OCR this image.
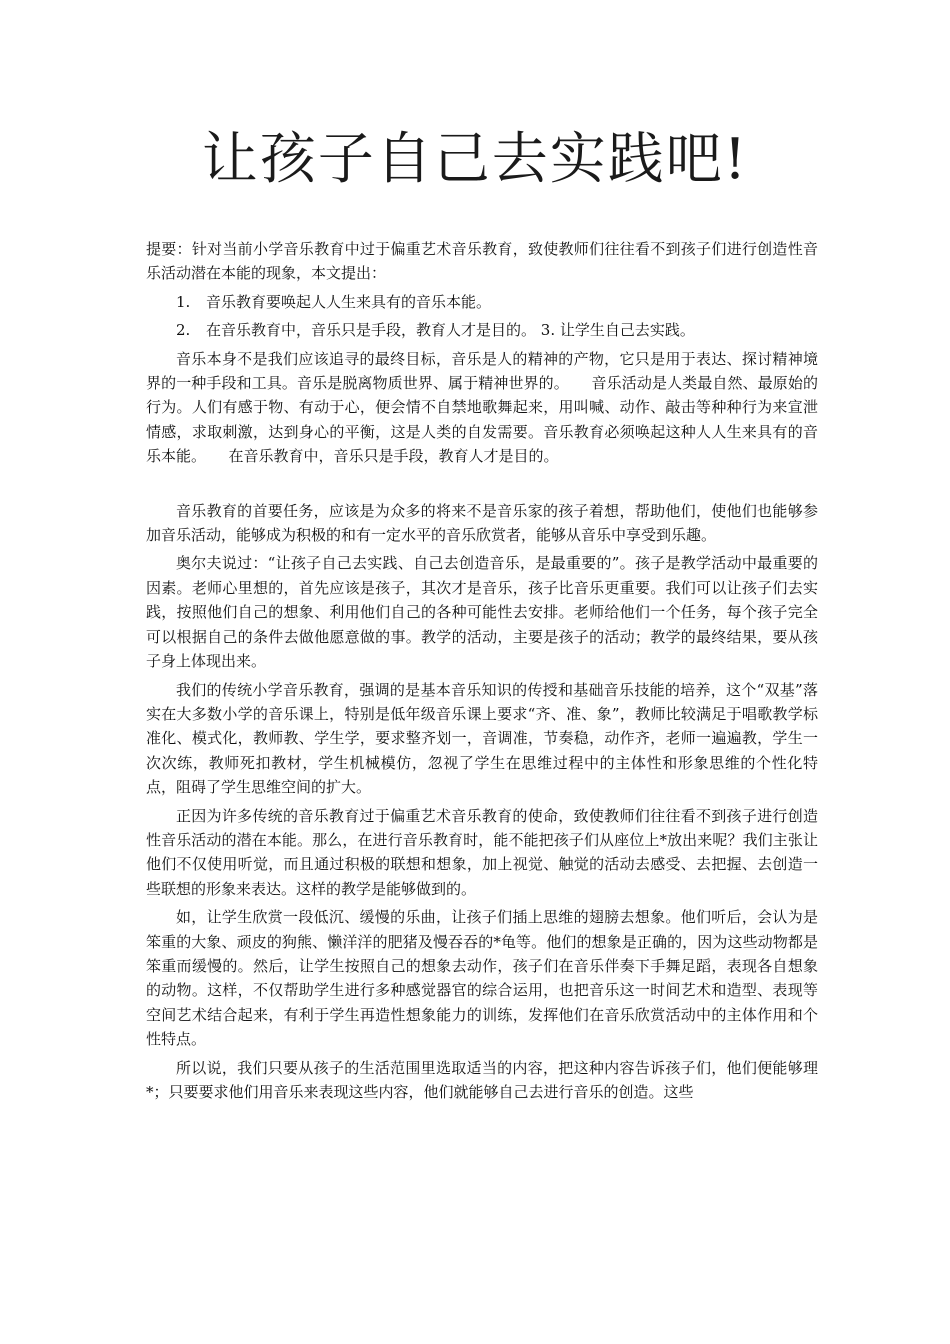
让孩子自己去实践吧!

提要：针对当前小学音乐教育中过于偏重艺术音乐教育，致使教师们往往看不到孩子们进行创造性音乐活动潜在本能的现象，本文提出：

1. 音乐教育要唤起人人生来具有的音乐本能。

2. 在音乐教育中，音乐只是手段，教育人才是目的。 3. 让学生自己去实践。

音乐本身不是我们应该追寻的最终目标，音乐是人的精神的产物，它只是用于表达、探讨精神境界的一种手段和工具。音乐是脱离物质世界、属于精神世界的。　　音乐活动是人类最自然、最原始的行为。人们有感于物、有动于心，便会情不自禁地歌舞起来，用叫喊、动作、敲击等种种行为来宣泄情感，求取刺激，达到身心的平衡，这是人类的自发需要。音乐教育必须唤起这种人人生来具有的音乐本能。　　在音乐教育中，音乐只是手段，教育人才是目的。

音乐教育的首要任务，应该是为众多的将来不是音乐家的孩子着想，帮助他们，使他们也能够参加音乐活动，能够成为积极的和有一定水平的音乐欣赏者，能够从音乐中享受到乐趣。

奥尔夫说过：“让孩子自己去实践、自己去创造音乐，是最重要的”。孩子是教学活动中最重要的因素。老师心里想的，首先应该是孩子，其次才是音乐，孩子比音乐更重要。我们可以让孩子们去实践，按照他们自己的想象、利用他们自己的各种可能性去安排。老师给他们一个任务，每个孩子完全可以根据自己的条件去做他愿意做的事。教学的活动，主要是孩子的活动；教学的最终结果，要从孩子身上体现出来。

我们的传统小学音乐教育，强调的是基本音乐知识的传授和基础音乐技能的培养，这个“双基”落实在大多数小学的音乐课上，特别是低年级音乐课上要求“齐、准、象”，教师比较满足于唱歌教学标准化、模式化，教师教、学生学，要求整齐划一，音调准，节奏稳，动作齐，老师一遍遍教，学生一次次练，教师死扣教材，学生机械模仿，忽视了学生在思维过程中的主体性和形象思维的个性化特点，阻碍了学生思维空间的扩大。

正因为许多传统的音乐教育过于偏重艺术音乐教育的使命，致使教师们往往看不到孩子进行创造性音乐活动的潜在本能。那么，在进行音乐教育时，能不能把孩子们从座位上*放出来呢？我们主张让他们不仅使用听觉，而且通过积极的联想和想象，加上视觉、触觉的活动去感受、去把握、去创造一些联想的形象来表达。这样的教学是能够做到的。

如，让学生欣赏一段低沉、缓慢的乐曲，让孩子们插上思维的翅膀去想象。他们听后，会认为是笨重的大象、顽皮的狗熊、懒洋洋的肥猪及慢吞吞的*龟等。他们的想象是正确的，因为这些动物都是笨重而缓慢的。然后，让学生按照自己的想象去动作，孩子们在音乐伴奏下手舞足蹈，表现各自想象的动物。这样，不仅帮助学生进行多种感觉器官的综合运用，也把音乐这一时间艺术和造型、表现等空间艺术结合起来，有利于学生再造性想象能力的训练，发挥他们在音乐欣赏活动中的主体作用和个性特点。

所以说，我们只要从孩子的生活范围里选取适当的内容，把这种内容告诉孩子们，他们便能够理*；只要要求他们用音乐来表现这些内容，他们就能够自己去进行音乐的创造。这些
